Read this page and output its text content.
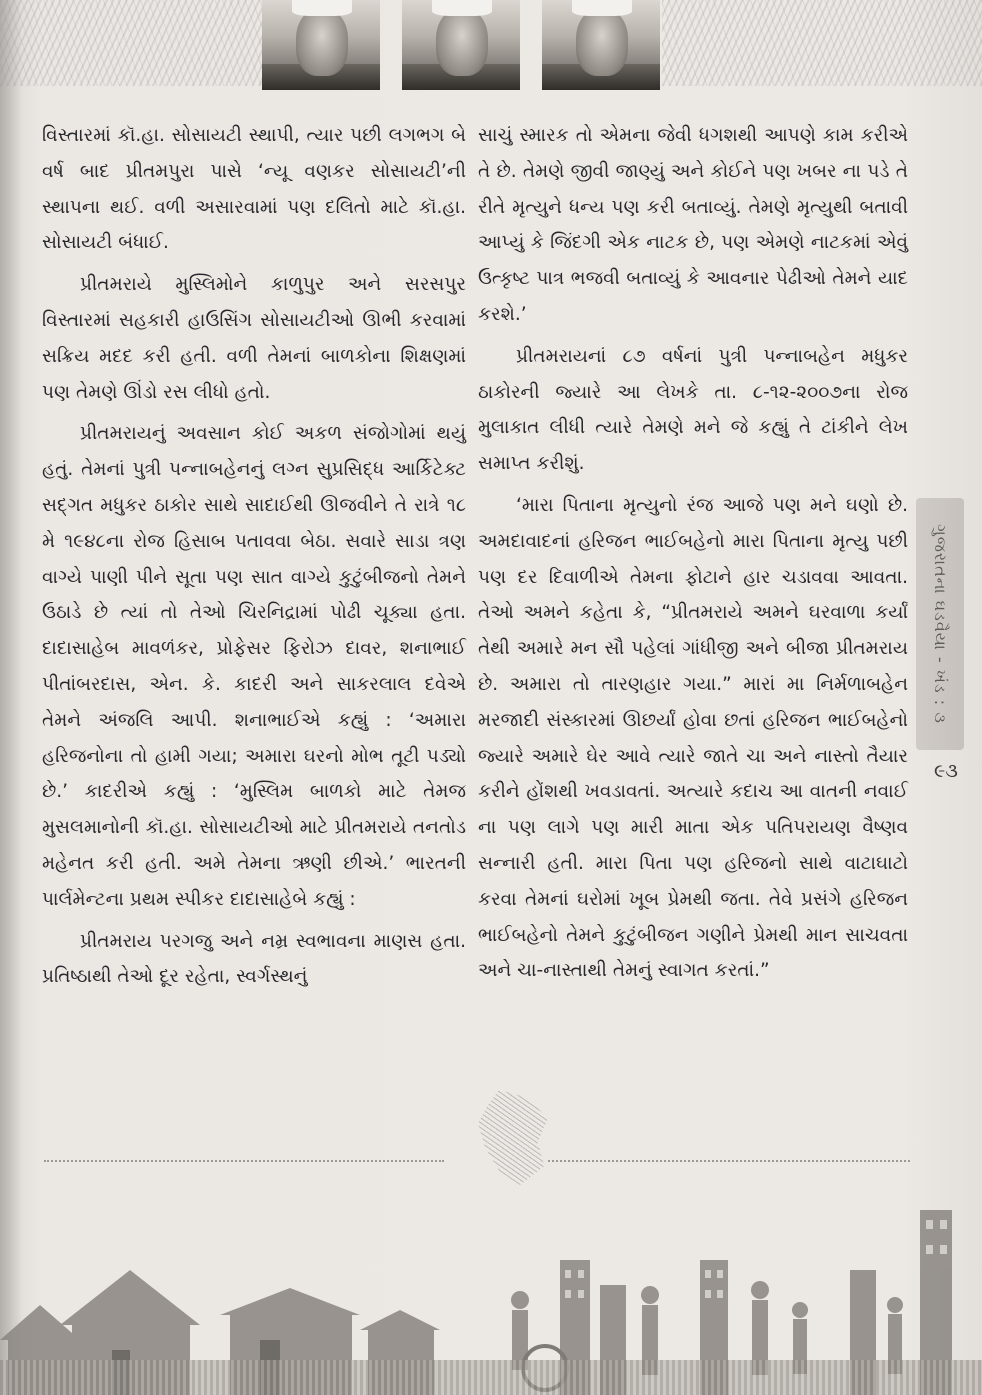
વિસ્તારમાં કૉ.હા. સોસાયટી સ્થાપી, ત્યાર પછી લગભગ બે વર્ષ બાદ પ્રીતમપુરા પાસે ‘ન્યૂ વણકર સોસાયટી’ની સ્થાપના થઈ. વળી અસારવામાં પણ દલિતો માટે કૉ.હા. સોસાયટી બંધાઈ.

પ્રીતમરાયે મુસ્લિમોને કાળુપુર અને સરસપુર વિસ્તારમાં સહકારી હાઉસિંગ સોસાયટીઓ ઊભી કરવામાં સક્રિય મદદ કરી હતી. વળી તેમનાં બાળકોના શિક્ષણમાં પણ તેમણે ઊંડો રસ લીધો હતો.

પ્રીતમરાયનું અવસાન કોઈ અકળ સંજોગોમાં થયું હતું. તેમનાં પુત્રી પન્નાબહેનનું લગ્ન સુપ્રસિદ્ધ આર્કિટેક્ટ સદ્‌ગત મધુકર ઠાકોર સાથે સાદાઈથી ઊજવીને તે રાત્રે ૧૮ મે ૧૯૪૮ના રોજ હિસાબ પતાવવા બેઠા. સવારે સાડા ત્રણ વાગ્યે પાણી પીને સૂતા પણ સાત વાગ્યે કુટુંબીજનો તેમને ઉઠાડે છે ત્યાં તો તેઓ ચિરનિદ્રામાં પોઢી ચૂક્યા હતા. દાદાસાહેબ માવળંકર, પ્રોફેસર ફિરોઝ દાવર, શનાભાઈ પીતાંબરદાસ, એન. કે. કાદરી અને સાકરલાલ દવેએ તેમને અંજલિ આપી. શનાભાઈએ કહ્યું : ‘અમારા હરિજનોના તો હામી ગયા; અમારા ઘરનો મોભ તૂટી પડ્યો છે.’ કાદરીએ કહ્યું : ‘મુસ્લિમ બાળકો માટે તેમજ મુસલમાનોની કૉ.હા. સોસાયટીઓ માટે પ્રીતમરાયે તનતોડ મહેનત કરી હતી. અમે તેમના ઋણી છીએ.’ ભારતની પાર્લમેન્ટના પ્રથમ સ્પીકર દાદાસાહેબે કહ્યું :

પ્રીતમરાય પરગજુ અને નમ્ર સ્વભાવના માણસ હતા. પ્રતિષ્ઠાથી તેઓ દૂર રહેતા, સ્વર્ગસ્થનું

સાચું સ્મારક તો એમના જેવી ધગશથી આપણે કામ કરીએ તે છે. તેમણે જીવી જાણ્યું અને કોઈને પણ ખબર ના પડે તે રીતે મૃત્યુને ધન્ય પણ કરી બતાવ્યું. તેમણે મૃત્યુથી બતાવી આપ્યું કે જિંદગી એક નાટક છે, પણ એમણે નાટકમાં એવું ઉત્કૃષ્ટ પાત્ર ભજવી બતાવ્યું કે આવનાર પેઢીઓ તેમને યાદ કરશે.’

પ્રીતમરાયનાં ૮૭ વર્ષનાં પુત્રી પન્નાબહેન મધુકર ઠાકોરની જ્યારે આ લેખકે તા. ૮-૧૨-૨૦૦૭ના રોજ મુલાકાત લીધી ત્યારે તેમણે મને જે કહ્યું તે ટાંકીને લેખ સમાપ્ત કરીશું.

‘મારા પિતાના મૃત્યુનો રંજ આજે પણ મને ઘણો છે. અમદાવાદનાં હરિજન ભાઈબહેનો મારા પિતાના મૃત્યુ પછી પણ દર દિવાળીએ તેમના ફોટાને હાર ચડાવવા આવતા. તેઓ અમને કહેતા કે, “પ્રીતમરાયે અમને ઘરવાળા કર્યાં તેથી અમારે મન સૌ પહેલાં ગાંધીજી અને બીજા પ્રીતમરાય છે. અમારા તો તારણહાર ગયા.” મારાં મા નિર્મળાબહેન મરજાદી સંસ્કારમાં ઊછર્યાં હોવા છતાં હરિજન ભાઈબહેનો જ્યારે અમારે ઘેર આવે ત્યારે જાતે ચા અને નાસ્તો તૈયાર કરીને હોંશથી ખવડાવતાં. અત્યારે કદાચ આ વાતની નવાઈ ના પણ લાગે પણ મારી માતા એક પતિપરાયણ વૈષ્ણવ સન્નારી હતી. મારા પિતા પણ હરિજનો સાથે વાટાઘાટો કરવા તેમનાં ઘરોમાં ખૂબ પ્રેમથી જતા. તેવે પ્રસંગે હરિજન ભાઈબહેનો તેમને કુટુંબીજન ગણીને પ્રેમથી માન સાચવતા અને ચા-નાસ્તાથી તેમનું સ્વાગત કરતાં.”

ગુજરાતના ઘડવૈયા - ખંડ : ૩
૯૩
